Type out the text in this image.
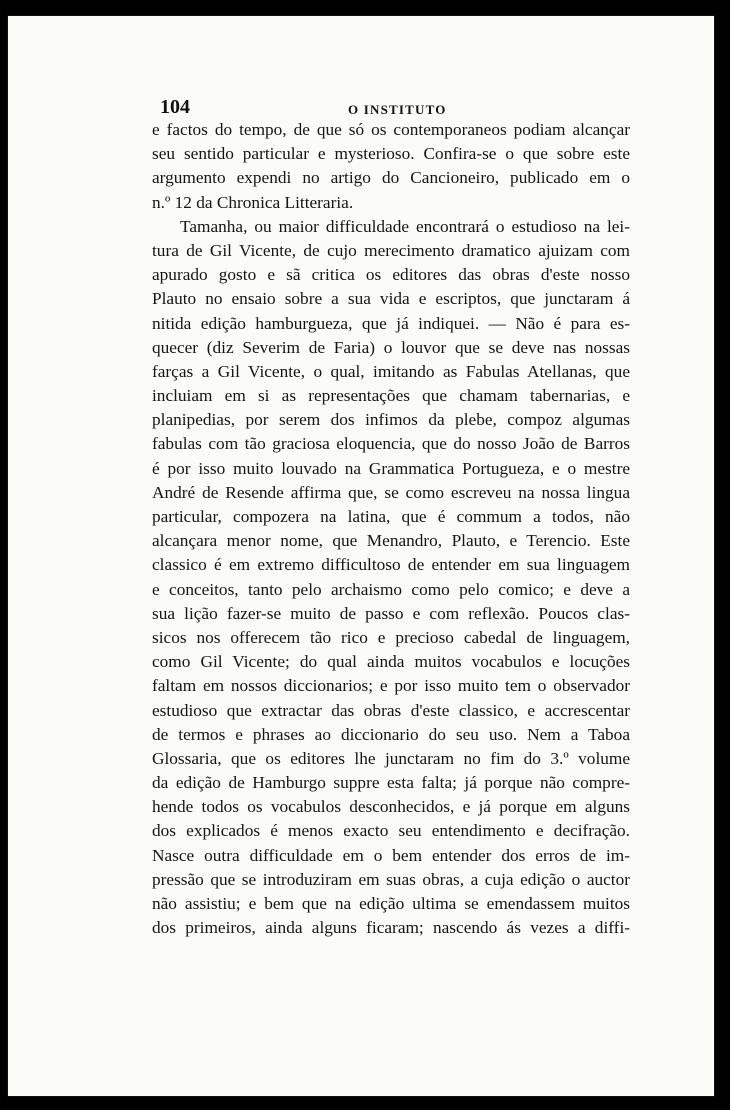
104	O INSTITUTO
e factos do tempo, de que só os contemporaneos podiam alcançar
seu sentido particular e mysterioso. Confira-se o que sobre este
argumento expendi no artigo do Cancioneiro, publicado em o
n.º 12 da Chronica Litteraria.
Tamanha, ou maior difficuldade encontrará o estudioso na lei-
tura de Gil Vicente, de cujo merecimento dramatico ajuizam com
apurado gosto e sã critica os editores das obras d'este nosso
Plauto no ensaio sobre a sua vida e escriptos, que junctaram á
nitida edição hamburgueza, que já indiquei. — Não é para es-
quecer (diz Severim de Faria) o louvor que se deve nas nossas
farças a Gil Vicente, o qual, imitando as Fabulas Atellanas, que
incluiam em si as representações que chamam tabernarias, e
planipedias, por serem dos infimos da plebe, compoz algumas
fabulas com tão graciosa eloquencia, que do nosso João de Barros
é por isso muito louvado na Grammatica Portugueza, e o mestre
André de Resende affirma que, se como escreveu na nossa lingua
particular, compozera na latina, que é commum a todos, não
alcançara menor nome, que Menandro, Plauto, e Terencio. Este
classico é em extremo difficultoso de entender em sua linguagem
e conceitos, tanto pelo archaismo como pelo comico; e deve a
sua lição fazer-se muito de passo e com reflexão. Poucos clas-
sicos nos offerecem tão rico e precioso cabedal de linguagem,
como Gil Vicente; do qual ainda muitos vocabulos e locuções
faltam em nossos diccionarios; e por isso muito tem o observador
estudioso que extractar das obras d'este classico, e accrescentar
de termos e phrases ao diccionario do seu uso. Nem a Taboa
Glossaria, que os editores lhe junctaram no fim do 3.º volume
da edição de Hamburgo suppre esta falta; já porque não compre-
hende todos os vocabulos desconhecidos, e já porque em alguns
dos explicados é menos exacto seu entendimento e decifração.
Nasce outra difficuldade em o bem entender dos erros de im-
pressão que se introduziram em suas obras, a cuja edição o auctor
não assistiu; e bem que na edição ultima se emendassem muitos
dos primeiros, ainda alguns ficaram; nascendo ás vezes a diffi-
